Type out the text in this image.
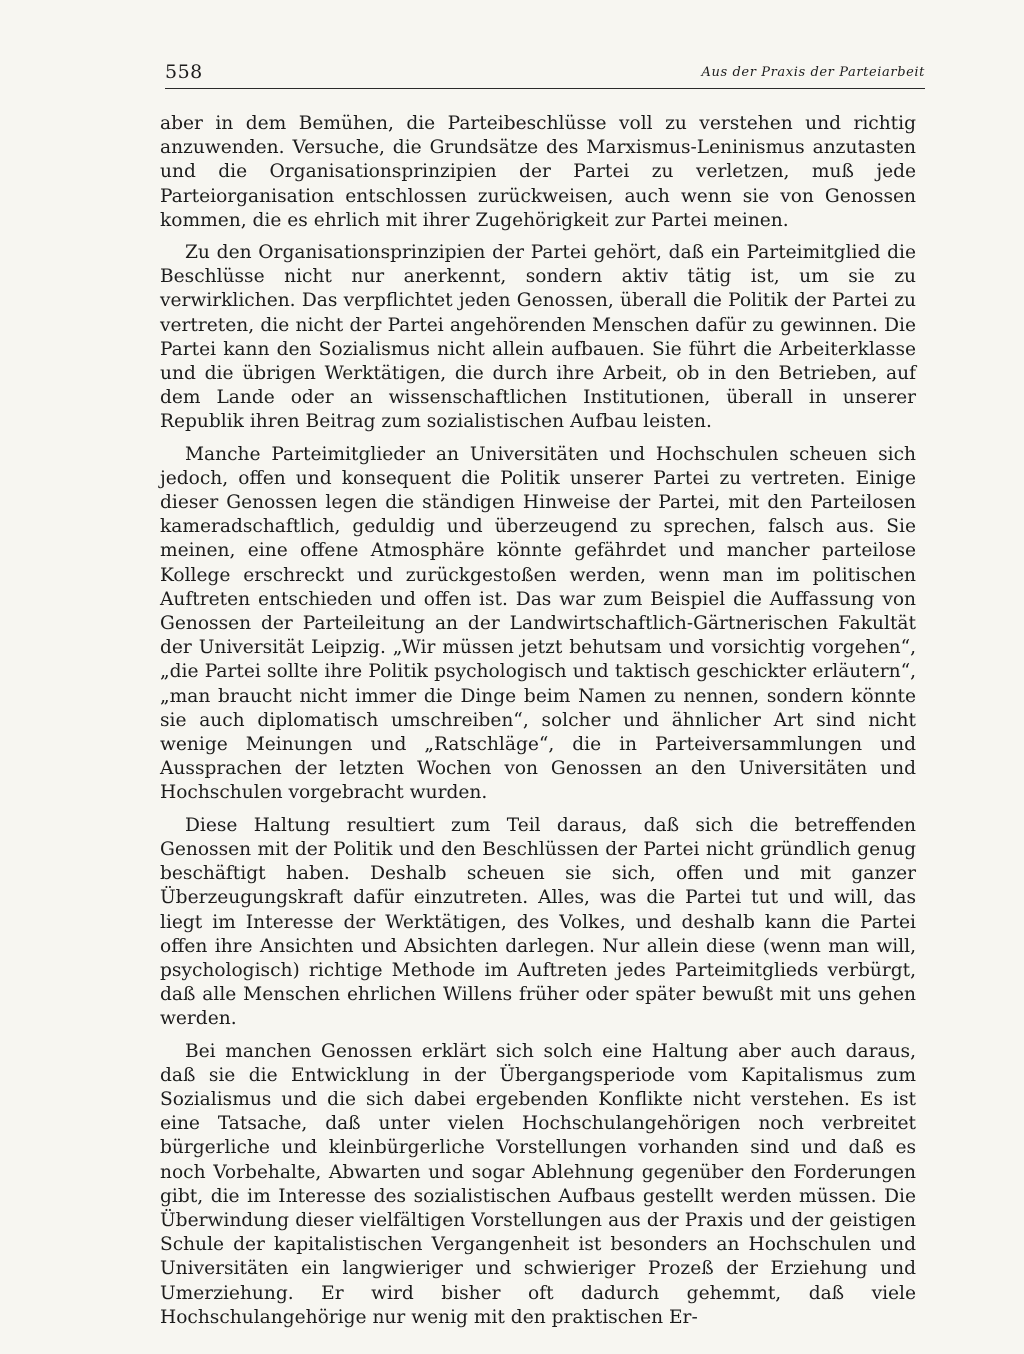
558	Aus der Praxis der Parteiarbeit

aber in dem Bemühen, die Parteibeschlüsse voll zu verstehen und richtig anzuwenden. Versuche, die Grundsätze des Marxismus-Leninismus anzutasten und die Organisationsprinzipien der Partei zu verletzen, muß jede Parteiorganisation entschlossen zurückweisen, auch wenn sie von Genossen kommen, die es ehrlich mit ihrer Zugehörigkeit zur Partei meinen.

Zu den Organisationsprinzipien der Partei gehört, daß ein Parteimitglied die Beschlüsse nicht nur anerkennt, sondern aktiv tätig ist, um sie zu verwirklichen. Das verpflichtet jeden Genossen, überall die Politik der Partei zu vertreten, die nicht der Partei angehörenden Menschen dafür zu gewinnen. Die Partei kann den Sozialismus nicht allein aufbauen. Sie führt die Arbeiterklasse und die übrigen Werktätigen, die durch ihre Arbeit, ob in den Betrieben, auf dem Lande oder an wissenschaftlichen Institutionen, überall in unserer Republik ihren Beitrag zum sozialistischen Aufbau leisten.

Manche Parteimitglieder an Universitäten und Hochschulen scheuen sich jedoch, offen und konsequent die Politik unserer Partei zu vertreten. Einige dieser Genossen legen die ständigen Hinweise der Partei, mit den Parteilosen kameradschaftlich, geduldig und überzeugend zu sprechen, falsch aus. Sie meinen, eine offene Atmosphäre könnte gefährdet und mancher parteilose Kollege erschreckt und zurückgestoßen werden, wenn man im politischen Auftreten entschieden und offen ist. Das war zum Beispiel die Auffassung von Genossen der Parteileitung an der Landwirtschaftlich-Gärtnerischen Fakultät der Universität Leipzig. „Wir müssen jetzt behutsam und vorsichtig vorgehen“, „die Partei sollte ihre Politik psychologisch und taktisch geschickter erläutern“, „man braucht nicht immer die Dinge beim Namen zu nennen, sondern könnte sie auch diplomatisch umschreiben“, solcher und ähnlicher Art sind nicht wenige Meinungen und „Ratschläge“, die in Parteiversammlungen und Aussprachen der letzten Wochen von Genossen an den Universitäten und Hochschulen vorgebracht wurden.

Diese Haltung resultiert zum Teil daraus, daß sich die betreffenden Genossen mit der Politik und den Beschlüssen der Partei nicht gründlich genug beschäftigt haben. Deshalb scheuen sie sich, offen und mit ganzer Überzeugungskraft dafür einzutreten. Alles, was die Partei tut und will, das liegt im Interesse der Werktätigen, des Volkes, und deshalb kann die Partei offen ihre Ansichten und Absichten darlegen. Nur allein diese (wenn man will, psychologisch) richtige Methode im Auftreten jedes Parteimitglieds verbürgt, daß alle Menschen ehrlichen Willens früher oder später bewußt mit uns gehen werden.

Bei manchen Genossen erklärt sich solch eine Haltung aber auch daraus, daß sie die Entwicklung in der Übergangsperiode vom Kapitalismus zum Sozialismus und die sich dabei ergebenden Konflikte nicht verstehen. Es ist eine Tatsache, daß unter vielen Hochschulangehörigen noch verbreitet bürgerliche und kleinbürgerliche Vorstellungen vorhanden sind und daß es noch Vorbehalte, Abwarten und sogar Ablehnung gegenüber den Forderungen gibt, die im Interesse des sozialistischen Aufbaus gestellt werden müssen. Die Überwindung dieser vielfältigen Vorstellungen aus der Praxis und der geistigen Schule der kapitalistischen Vergangenheit ist besonders an Hochschulen und Universitäten ein langwieriger und schwieriger Prozeß der Erziehung und Umerziehung. Er wird bisher oft dadurch gehemmt, daß viele Hochschulangehörige nur wenig mit den praktischen Er-
